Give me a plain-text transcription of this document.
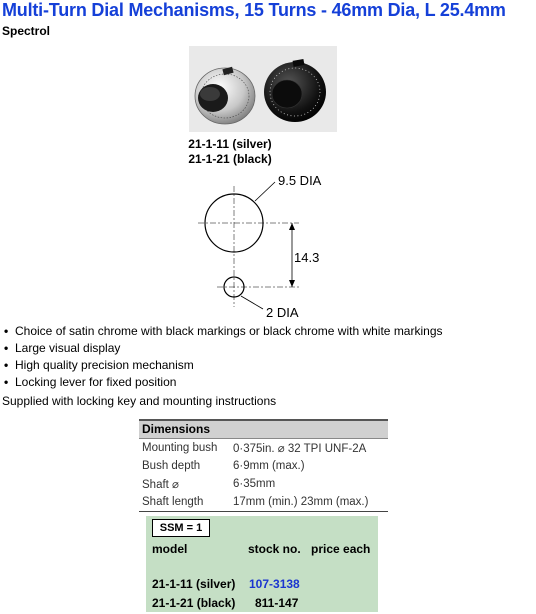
Multi-Turn Dial Mechanisms, 15 Turns - 46mm Dia, L 25.4mm
Spectrol
21-1-11 (silver)
21-1-21 (black)
9.5 DIA
14.3
2 DIA
• Choice of satin chrome with black markings or black chrome with white markings
• Large visual display
• High quality precision mechanism
• Locking lever for fixed position
Supplied with locking key and mounting instructions
Dimensions
Mounting bush	0·375in. ⌀ 32 TPI UNF-2A
Bush depth	6·9mm (max.)
Shaft ⌀	6·35mm
Shaft length	17mm (min.) 23mm (max.)
SSM = 1
model	stock no. price each
21-1-11 (silver) 107-3138
21-1-21 (black) 811-147
